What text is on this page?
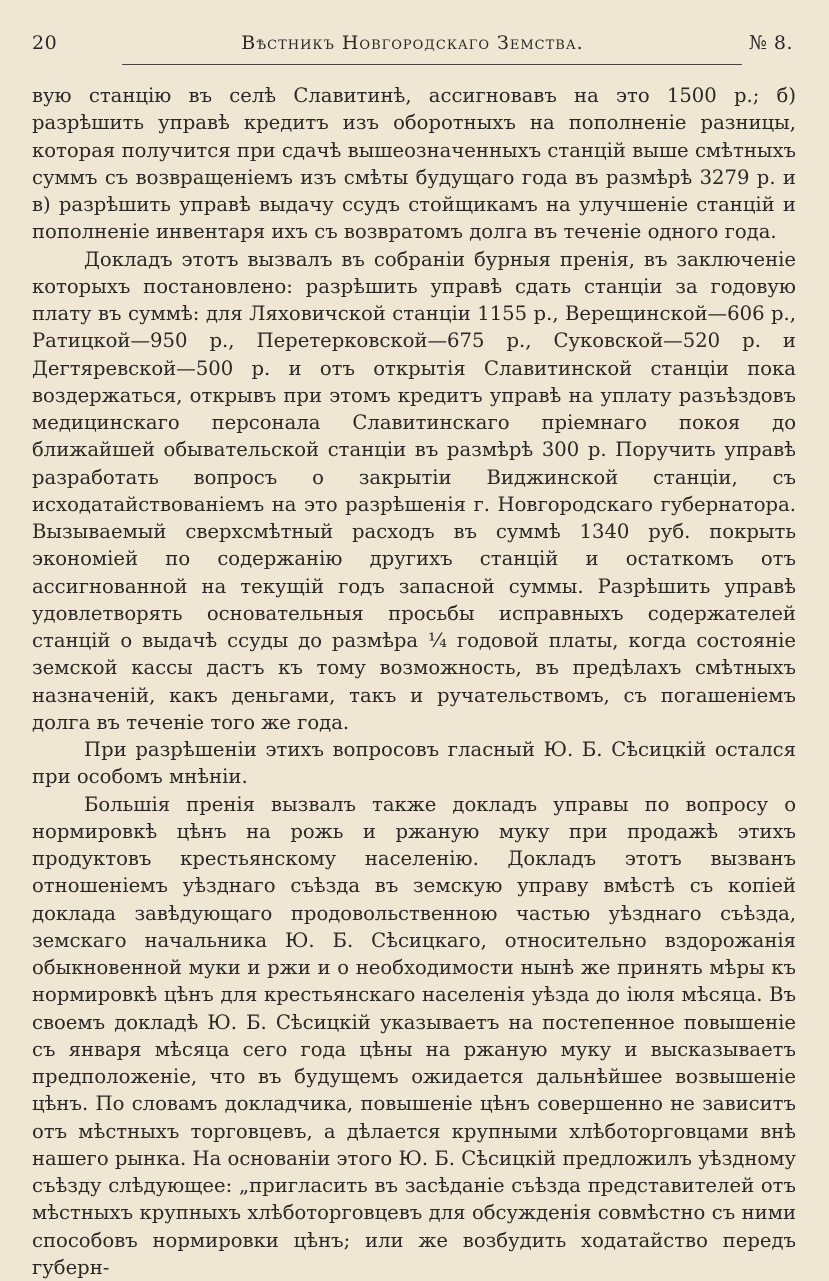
20	Вѣстникъ Новгородскаго Земства.	№ 8.

вую станцію въ селѣ Славитинѣ, ассигновавъ на это 1500 р.; б) разрѣшить управѣ кредитъ изъ оборотныхъ на пополненіе разницы, которая получится при сдачѣ вышеозначенныхъ станцій выше смѣтныхъ суммъ съ возвращеніемъ изъ смѣты будущаго года въ размѣрѣ 3279 р. и в) разрѣшить управѣ выдачу ссудъ стойщикамъ на улучшеніе станцій и пополненіе инвентаря ихъ съ возвратомъ долга въ теченіе одного года.

Докладъ этотъ вызвалъ въ собраніи бурныя пренія, въ заключеніе которыхъ постановлено: разрѣшить управѣ сдать станціи за годовую плату въ суммѣ: для Ляховичской станціи 1155 р., Верещинской—606 р., Ратицкой—950 р., Перетерковской—675 р., Суковской—520 р. и Дегтяревской—500 р. и отъ открытія Славитинской станціи пока воздержаться, открывъ при этомъ кредитъ управѣ на уплату разъѣздовъ медицинскаго персонала Славитинскаго пріемнаго покоя до ближайшей обывательской станціи въ размѣрѣ 300 р. Поручить управѣ разработать вопросъ о закрытіи Виджинской станціи, съ исходатайствованіемъ на это разрѣшенія г. Новгородскаго губернатора. Вызываемый сверхсмѣтный расходъ въ суммѣ 1340 руб. покрыть экономіей по содержанію другихъ станцій и остаткомъ отъ ассигнованной на текущій годъ запасной суммы. Разрѣшить управѣ удовлетворять основательныя просьбы исправныхъ содержателей станцій о выдачѣ ссуды до размѣра ¼ годовой платы, когда состояніе земской кассы дастъ къ тому возможность, въ предѣлахъ смѣтныхъ назначеній, какъ деньгами, такъ и ручательствомъ, съ погашеніемъ долга въ теченіе того же года.

При разрѣшеніи этихъ вопросовъ гласный Ю. Б. Сѣсицкій остался при особомъ мнѣніи.

Большія пренія вызвалъ также докладъ управы по вопросу о нормировкѣ цѣнъ на рожь и ржаную муку при продажѣ этихъ продуктовъ крестьянскому населенію. Докладъ этотъ вызванъ отношеніемъ уѣзднаго съѣзда въ земскую управу вмѣстѣ съ копіей доклада завѣдующаго продовольственною частью уѣзднаго съѣзда, земскаго начальника Ю. Б. Сѣсицкаго, относительно вздорожанія обыкновенной муки и ржи и о необходимости нынѣ же принять мѣры къ нормировкѣ цѣнъ для крестьянскаго населенія уѣзда до іюля мѣсяца. Въ своемъ докладѣ Ю. Б. Сѣсицкій указываетъ на постепенное повышеніе съ января мѣсяца сего года цѣны на ржаную муку и высказываетъ предположеніе, что въ будущемъ ожидается дальнѣйшее возвышеніе цѣнъ. По словамъ докладчика, повышеніе цѣнъ совершенно не зависитъ отъ мѣстныхъ торговцевъ, а дѣлается крупными хлѣботорговцами внѣ нашего рынка. На основаніи этого Ю. Б. Сѣсицкій предложилъ уѣздному съѣзду слѣдующее: „пригласить въ засѣданіе съѣзда представителей отъ мѣстныхъ крупныхъ хлѣботорговцевъ для обсужденія совмѣстно съ ними способовъ нормировки цѣнъ; или же возбудить ходатайство передъ губерн-
